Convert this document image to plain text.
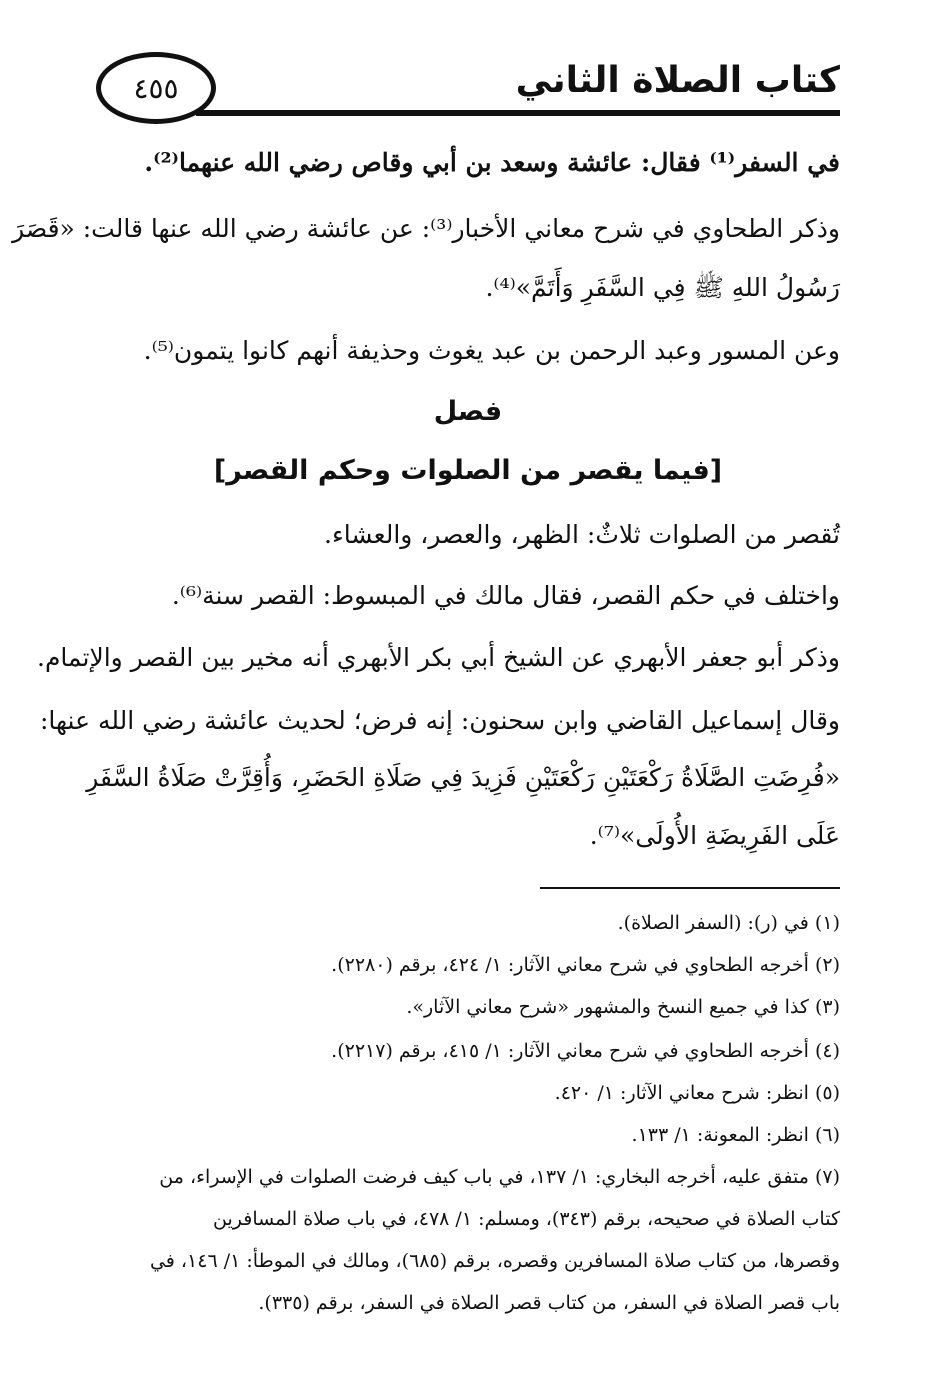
كتاب الصلاة الثاني
٤٥٥
في السفر⁽¹⁾ فقال: عائشة وسعد بن أبي وقاص رضي الله عنهما⁽²⁾.
وذكر الطحاوي في شرح معاني الأخبار⁽³⁾: عن عائشة رضي الله عنها قالت: «قَصَرَ
رَسُولُ اللهِ ﷺ فِي السَّفَرِ وَأَتَمَّ»⁽⁴⁾.
وعن المسور وعبد الرحمن بن عبد يغوث وحذيفة أنهم كانوا يتمون⁽⁵⁾.
تُقصر من الصلوات ثلاثٌ: الظهر، والعصر، والعشاء.
واختلف في حكم القصر، فقال مالك في المبسوط: القصر سنة⁽⁶⁾.
وذكر أبو جعفر الأبهري عن الشيخ أبي بكر الأبهري أنه مخير بين القصر والإتمام.
وقال إسماعيل القاضي وابن سحنون: إنه فرض؛ لحديث عائشة رضي الله عنها:
«فُرِضَتِ الصَّلَاةُ رَكْعَتَيْنِ رَكْعَتَيْنِ فَزِيدَ فِي صَلَاةِ الحَضَرِ، وَأُقِرَّتْ صَلَاةُ السَّفَرِ
عَلَى الفَرِيضَةِ الأُولَى»⁽⁷⁾.
فصل
[فيما يقصر من الصلوات وحكم القصر]
(١) في (ر): (السفر الصلاة).
(٢) أخرجه الطحاوي في شرح معاني الآثار: ١/ ٤٢٤، برقم (٢٢٨٠).
(٣) كذا في جميع النسخ والمشهور «شرح معاني الآثار».
(٤) أخرجه الطحاوي في شرح معاني الآثار: ١/ ٤١٥، برقم (٢٢١٧).
(٥) انظر: شرح معاني الآثار: ١/ ٤٢٠.
(٦) انظر: المعونة: ١/ ١٣٣.
(٧) متفق عليه، أخرجه البخاري: ١/ ١٣٧، في باب كيف فرضت الصلوات في الإسراء، من
كتاب الصلاة في صحيحه، برقم (٣٤٣)، ومسلم: ١/ ٤٧٨، في باب صلاة المسافرين
وقصرها، من كتاب صلاة المسافرين وقصره، برقم (٦٨٥)، ومالك في الموطأ: ١/ ١٤٦، في
باب قصر الصلاة في السفر، من كتاب قصر الصلاة في السفر، برقم (٣٣٥).
